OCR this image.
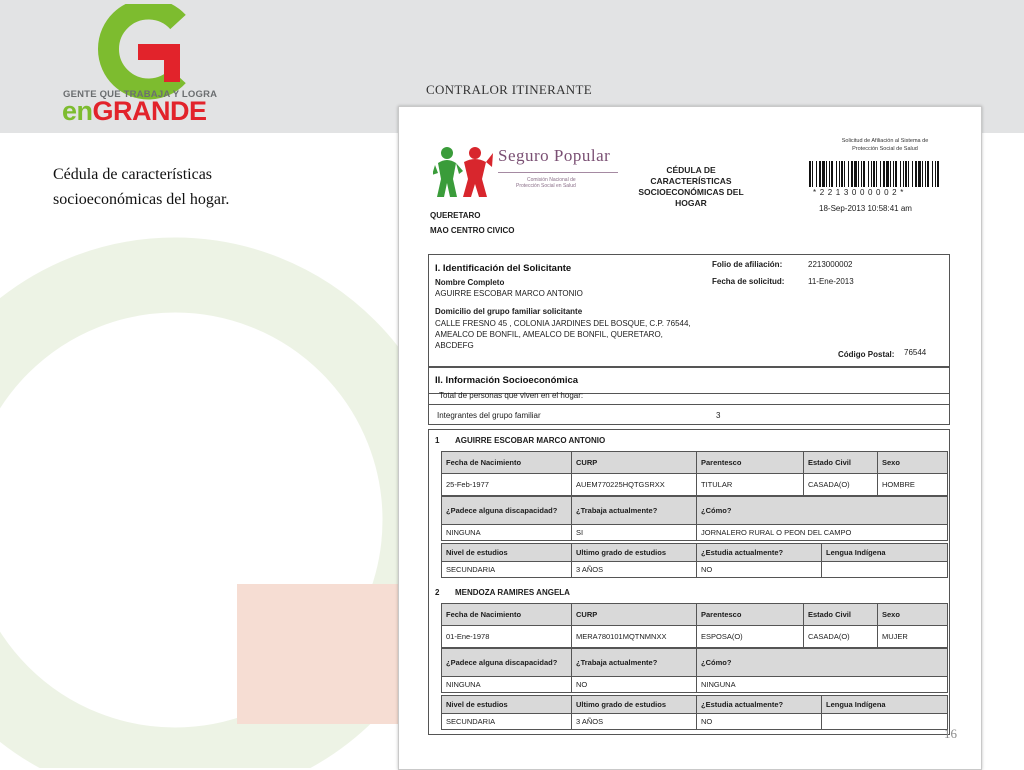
GENTE QUE TRABAJA Y LOGRA
enGRANDE
CONTRALOR ITINERANTE
Cédula de características
socioeconómicas del hogar.
Seguro Popular
Comisión Nacional de
Protección Social en Salud
CÉDULA DE CARACTERÍSTICAS
SOCIOECONÓMICAS DEL HOGAR
Solicitud de Afiliación al Sistema de
Protección Social de Salud
*2213000002*
18-Sep-2013 10:58:41 am
QUERETARO
MAO CENTRO CIVICO
I. Identificación del Solicitante	Folio de afiliación:	2213000002
Fecha de solicitud:	11-Ene-2013
Nombre Completo
AGUIRRE ESCOBAR MARCO ANTONIO
Domicilio del grupo familiar solicitante
CALLE FRESNO 45 , COLONIA JARDINES DEL BOSQUE, C.P. 76544,
AMEALCO DE BONFIL, AMEALCO DE BONFIL, QUERETARO,
ABCDEFG
Código Postal: 76544
II. Información Socioeconómica
Total de personas que viven en el hogar:
Integrantes del grupo familiar	3
1 AGUIRRE ESCOBAR MARCO ANTONIO
Fecha de Nacimiento	CURP	Parentesco	Estado Civil	Sexo
25-Feb-1977	AUEM770225HQTGSRXX	TITULAR	CASADA(O)	HOMBRE
¿Padece alguna discapacidad?	¿Trabaja actualmente?	¿Cómo?
NINGUNA	SI	JORNALERO RURAL O PEON DEL CAMPO
Nivel de estudios	Ultimo grado de estudios	¿Estudia actualmente?	Lengua Indígena
SECUNDARIA	3 AÑOS	NO	
2 MENDOZA RAMIRES ANGELA
Fecha de Nacimiento	CURP	Parentesco	Estado Civil	Sexo
01-Ene-1978	MERA780101MQTNMNXX	ESPOSA(O)	CASADA(O)	MUJER
¿Padece alguna discapacidad?	¿Trabaja actualmente?	¿Cómo?
NINGUNA	NO	NINGUNA
Nivel de estudios	Ultimo grado de estudios	¿Estudia actualmente?	Lengua Indígena
SECUNDARIA	3 AÑOS	NO	
16
